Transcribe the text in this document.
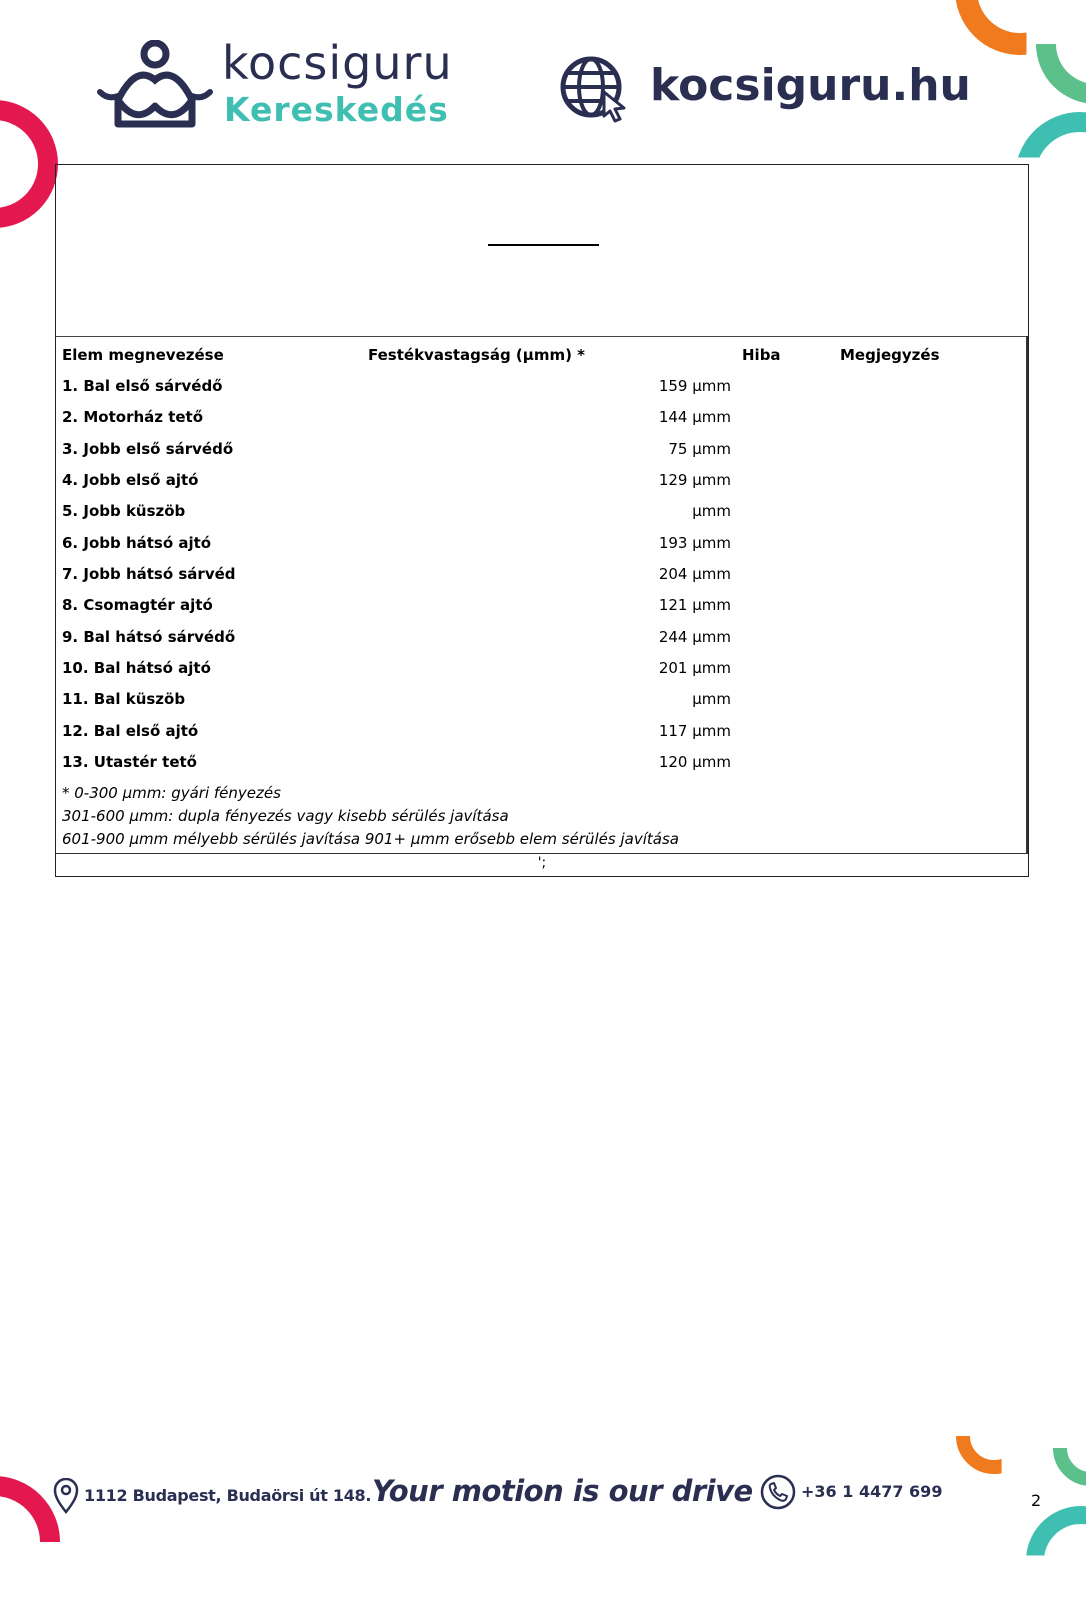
kocsiguru
Kereskedés	kocsiguru.hu
Elem megnevezése	Festékvastagság (µmm) *	Hiba	Megjegyzés
1. Bal első sárvédő	159 µmm
2. Motorház tető	144 µmm
3. Jobb első sárvédő	75 µmm
4. Jobb első ajtó	129 µmm
5. Jobb küszöb	µmm
6. Jobb hátsó ajtó	193 µmm
7. Jobb hátsó sárvéd	204 µmm
8. Csomagtér ajtó	121 µmm
9. Bal hátsó sárvédő	244 µmm
10. Bal hátsó ajtó	201 µmm
11. Bal küszöb	µmm
12. Bal első ajtó	117 µmm
13. Utastér tető	120 µmm
* 0-300 µmm: gyári fényezés
301-600 µmm: dupla fényezés vagy kisebb sérülés javítása
601-900 µmm mélyebb sérülés javítása 901+ µmm erősebb elem sérülés javítása
';
1112 Budapest, Budaörsi út 148. Your motion is our drive	+36 1 4477 699	2
